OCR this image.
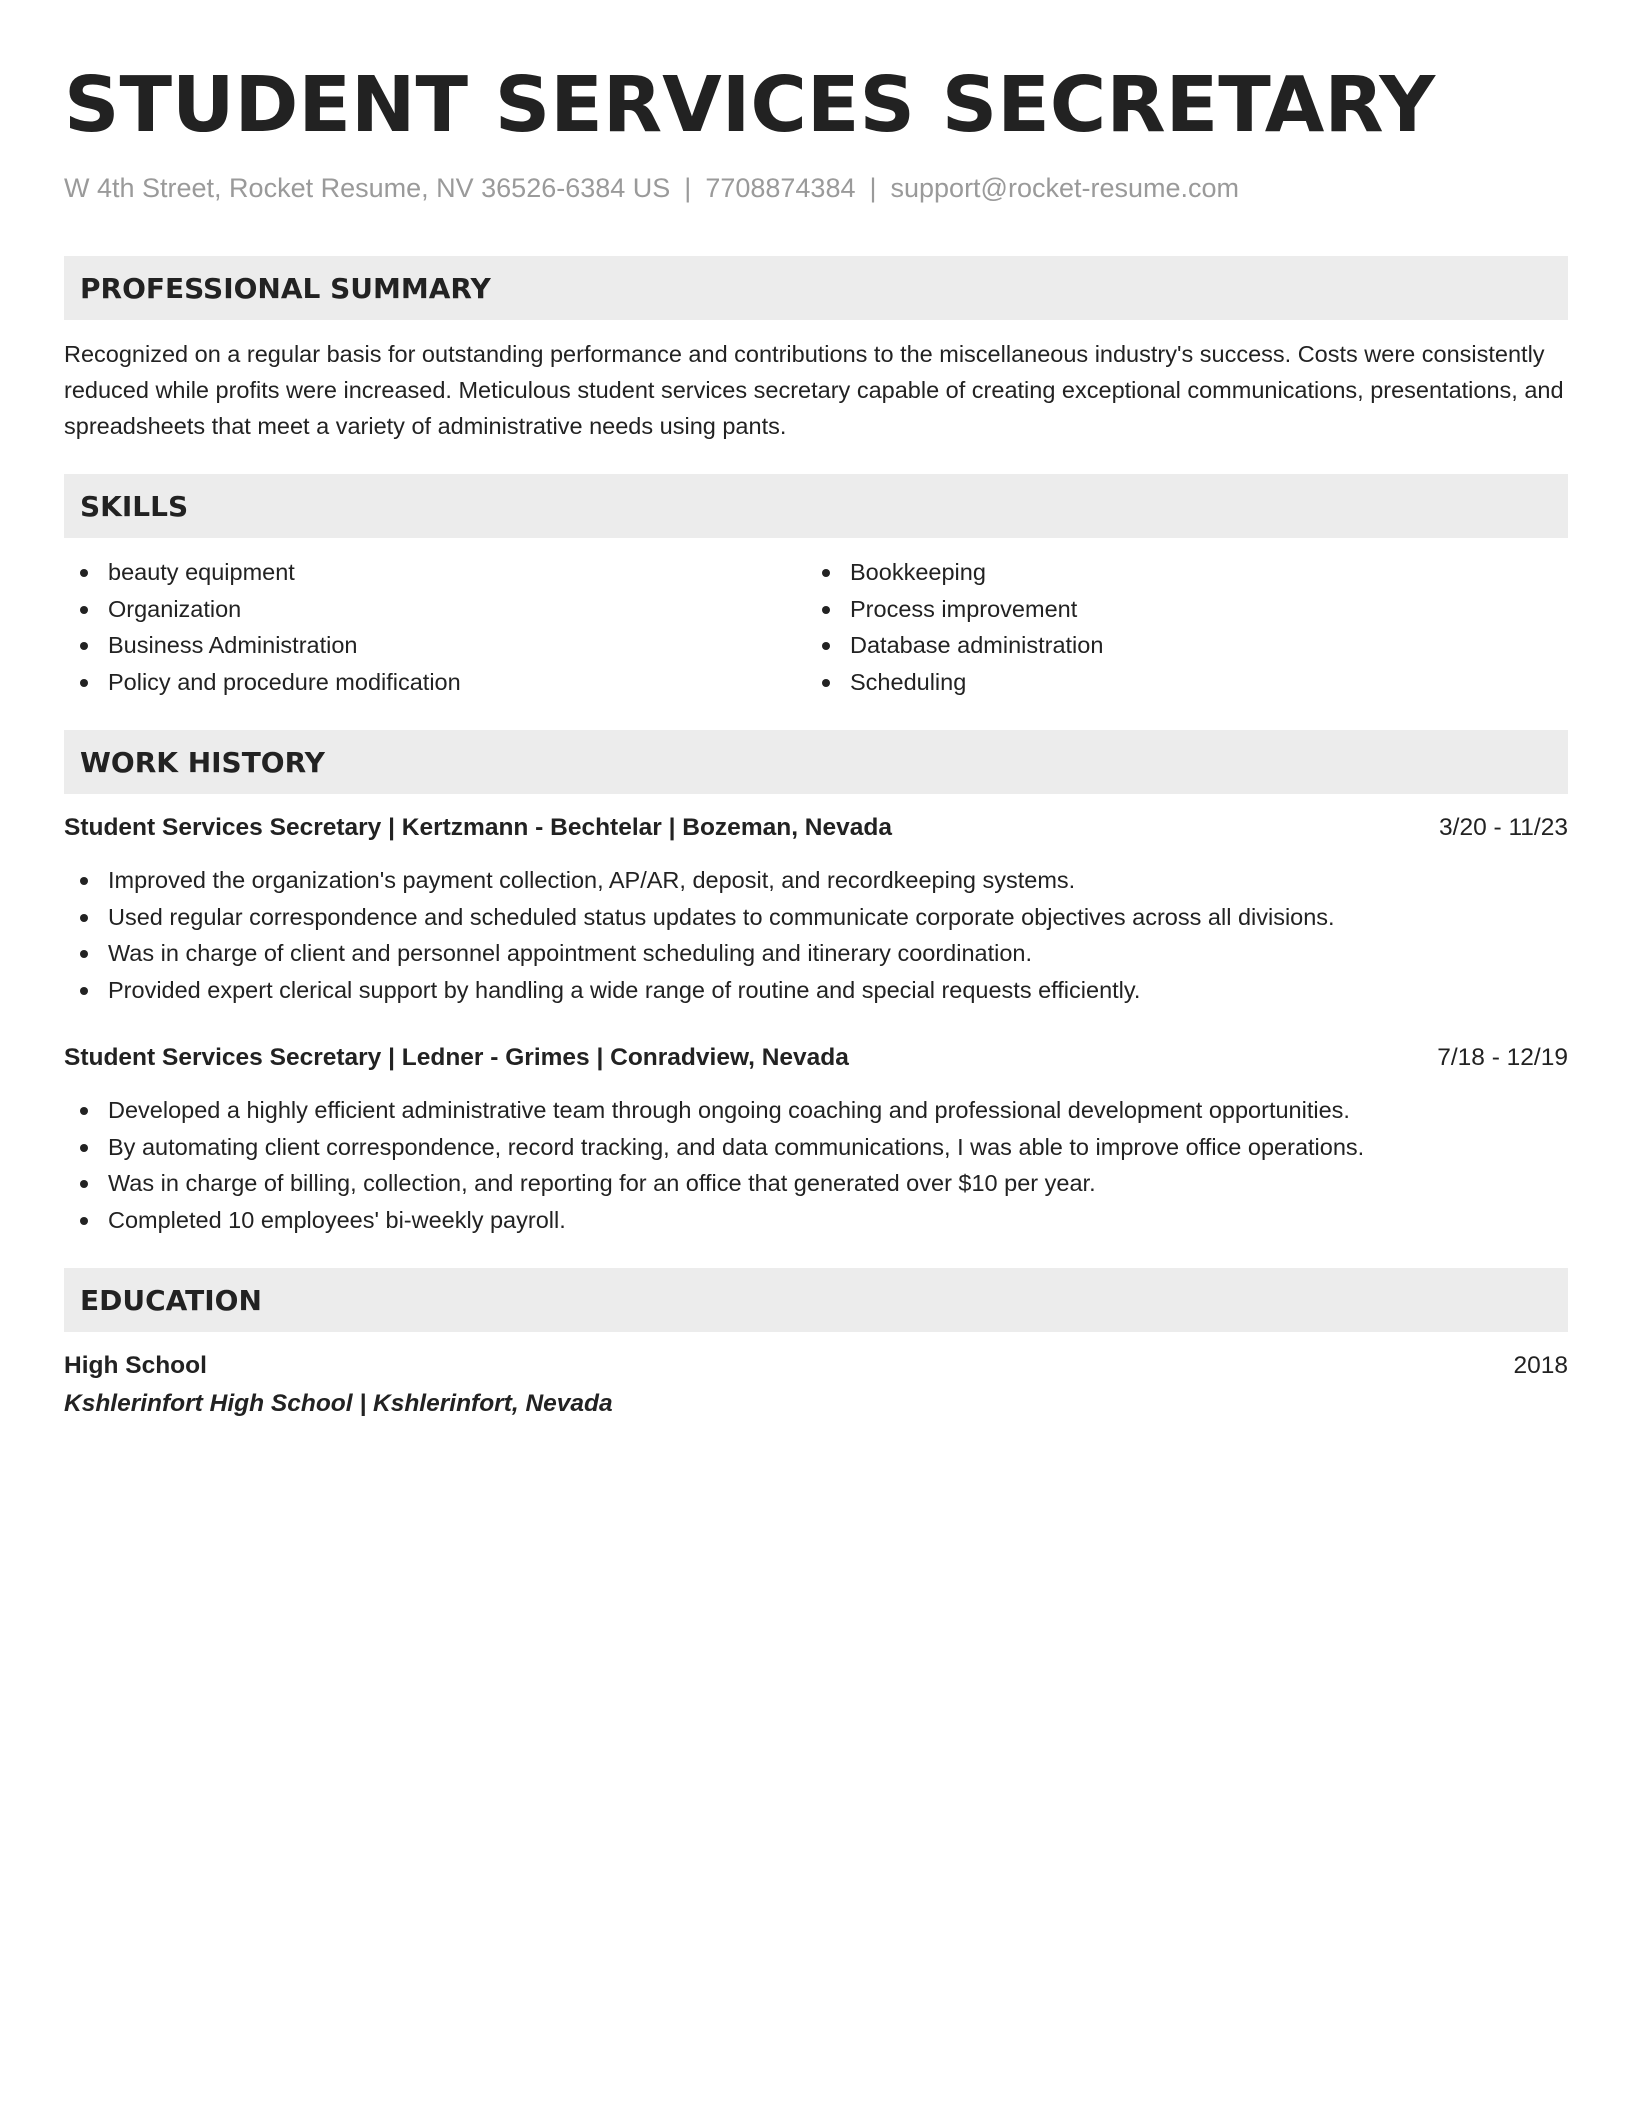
STUDENT SERVICES SECRETARY
W 4th Street, Rocket Resume, NV 36526-6384 US | 7708874384 | support@rocket-resume.com
PROFESSIONAL SUMMARY

Recognized on a regular basis for outstanding performance and contributions to the miscellaneous industry's success. Costs were consistently reduced while profits were increased. Meticulous student services secretary capable of creating exceptional communications, presentations, and spreadsheets that meet a variety of administrative needs using pants.

SKILLS
beauty equipment
Organization
Business Administration
Policy and procedure modification
Bookkeeping
Process improvement
Database administration
Scheduling
WORK HISTORY
Student Services Secretary | Kertzmann - Bechtelar | Bozeman, Nevada	3/20 - 11/23
Improved the organization's payment collection, AP/AR, deposit, and recordkeeping systems.
Used regular correspondence and scheduled status updates to communicate corporate objectives across all divisions.
Was in charge of client and personnel appointment scheduling and itinerary coordination.
Provided expert clerical support by handling a wide range of routine and special requests efficiently.
Student Services Secretary | Ledner - Grimes | Conradview, Nevada	7/18 - 12/19
Developed a highly efficient administrative team through ongoing coaching and professional development opportunities.
By automating client correspondence, record tracking, and data communications, I was able to improve office operations.
Was in charge of billing, collection, and reporting for an office that generated over $10 per year.
Completed 10 employees' bi-weekly payroll.
EDUCATION
High School	2018
Kshlerinfort High School | Kshlerinfort, Nevada
